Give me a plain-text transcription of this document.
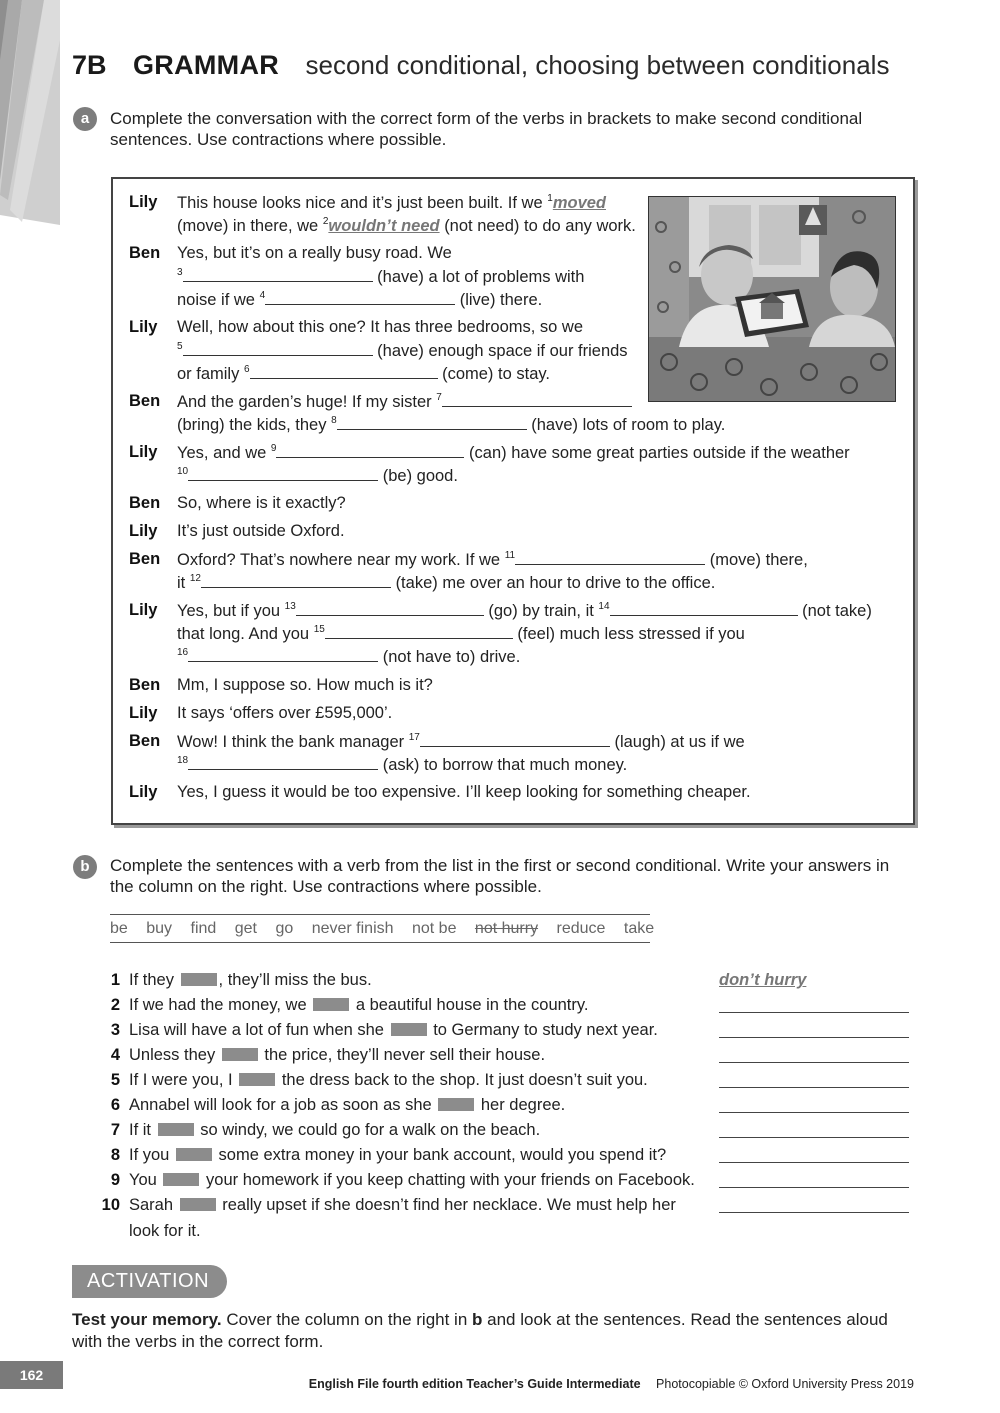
7B GRAMMAR second conditional, choosing between conditionals
a	Complete the conversation with the correct form of the verbs in brackets to make second conditional sentences. Use contractions where possible.
Lily This house looks nice and it’s just been built. If we $^1$moved
(move) in there, we $^2$wouldn’t need (not need) to do any work.
Ben Yes, but it’s on a really busy road. We
$^3$	(have) a lot of problems with
noise if we $^4$	(live) there.
Lily Well, how about this one? It has three bedrooms, so we
$^5$	(have) enough space if our friends
or family $^6$	(come) to stay.
Ben And the garden’s huge! If my sister $^7$
(bring) the kids, they $^8$	(have) lots of room to play.
Lily Yes, and we $^9$	(can) have some great parties outside if the weather
$^{10}$	(be) good.
Ben So, where is it exactly?
Lily It’s just outside Oxford.
Ben Oxford? That’s nowhere near my work. If we $^{11}$	(move) there,
it $^{12}$	(take) me over an hour to drive to the office.
Lily Yes, but if you $^{13}$	(go) by train, it $^{14}$	(not take)
that long. And you $^{15}$	(feel) much less stressed if you
$^{16}$	(not have to) drive.
Ben Mm, I suppose so. How much is it?
Lily It says ‘offers over £595,000’.
Ben Wow! I think the bank manager $^{17}$	(laugh) at us if we
$^{18}$	(ask) to borrow that much money.
Lily Yes, I guess it would be too expensive. I’ll keep looking for something cheaper.
b	Complete the sentences with a verb from the list in the first or second conditional. Write your answers in the column on the right. Use contractions where possible.
be buy find get go never finish not be not hurry reduce take
1 If they	, they’ll miss the bus.	don’t hurry
2 If we had the money, we	a beautiful house in the country.
3 Lisa will have a lot of fun when she	to Germany to study next year.
4 Unless they	the price, they’ll never sell their house.
5 If I were you, I	the dress back to the shop. It just doesn’t suit you.
6 Annabel will look for a job as soon as she	her degree.
7 If it	so windy, we could go for a walk on the beach.
8 If you	some extra money in your bank account, would you spend it?
9 You	your homework if you keep chatting with your friends on Facebook.
10 Sarah	really upset if she doesn’t find her necklace. We must help her
look for it.
ACTIVATION
Test your memory. Cover the column on the right in b and look at the sentences. Read the sentences aloud with the verbs in the correct form.
162
English File fourth edition Teacher’s Guide Intermediate Photocopiable © Oxford University Press 2019
